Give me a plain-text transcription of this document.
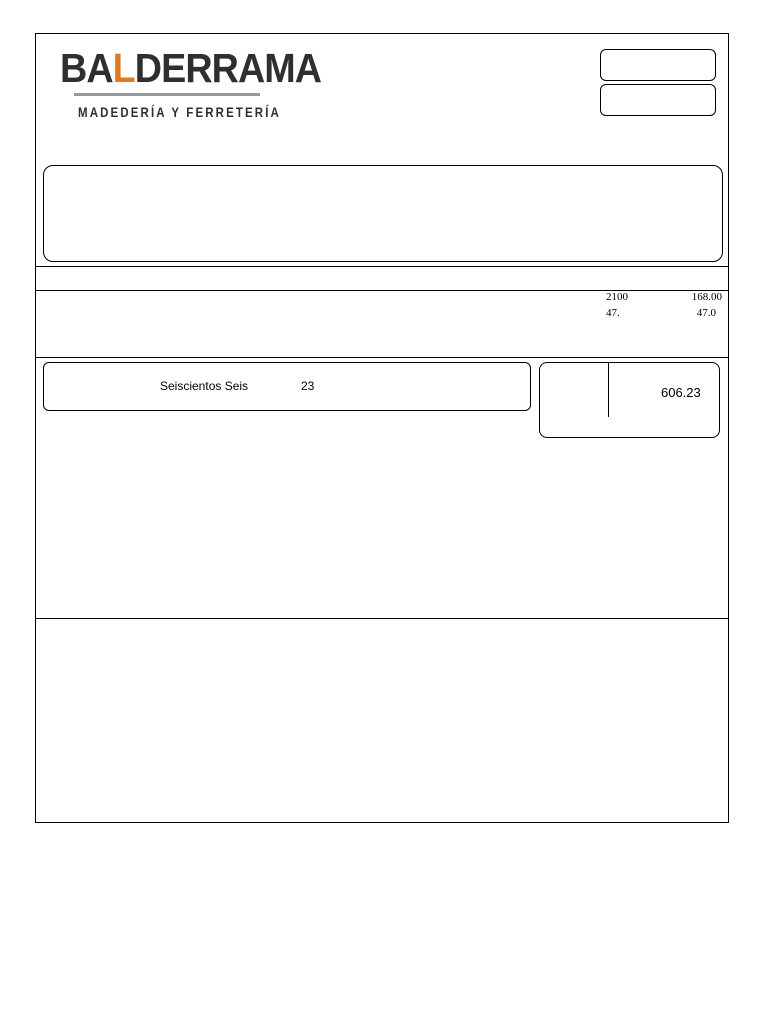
BALDERRAMA
MADEDERÍA Y FERRETERÍA
2100	168.00
47.	47.0
Seiscientos Seis	23	606.23
